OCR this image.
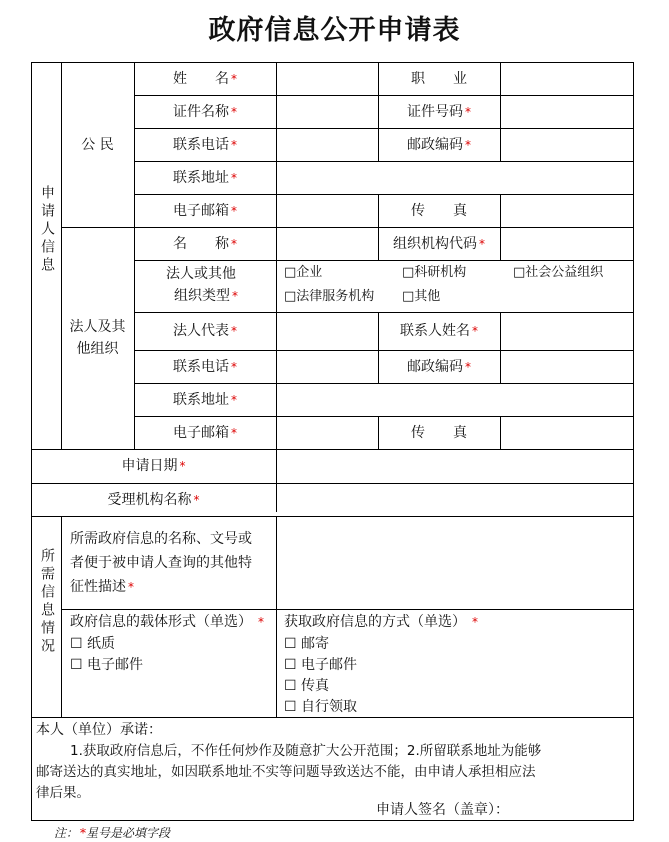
政府信息公开申请表
申请人信息
公 民
姓　　名 *	职　　业
证件名称 *	证件号码 *
联系电话 *	邮政编码 *
联系地址 *
电子邮箱 *	传　　真
法人及其他组织
名　　称 *	组织机构代码 *
法人或其他
组织类型 *
□企业	□科研机构	□社会公益组织
□法律服务机构 □其他
法人代表 *	联系人姓名 *
联系电话 *	邮政编码 *
联系地址 *
电子邮箱 *	传　　真
申请日期 *
受理机构名称 *
所需信息情况
所需政府信息的名称、文号或
者便于被申请人查询的其他特
征性描述 *
政府信息的载体形式（单选） *
☐ 纸质
☐ 电子邮件
获取政府信息的方式（单选） *
☐ 邮寄
☐ 电子邮件
☐ 传真
☐ 自行领取
本人（单位）承诺：
1.获取政府信息后，不作任何炒作及随意扩大公开范围；2.所留联系地址为能够
邮寄送达的真实地址，如因联系地址不实等问题导致送达不能，由申请人承担相应法
律后果。
申请人签名（盖章）：
注： *星号是必填字段
